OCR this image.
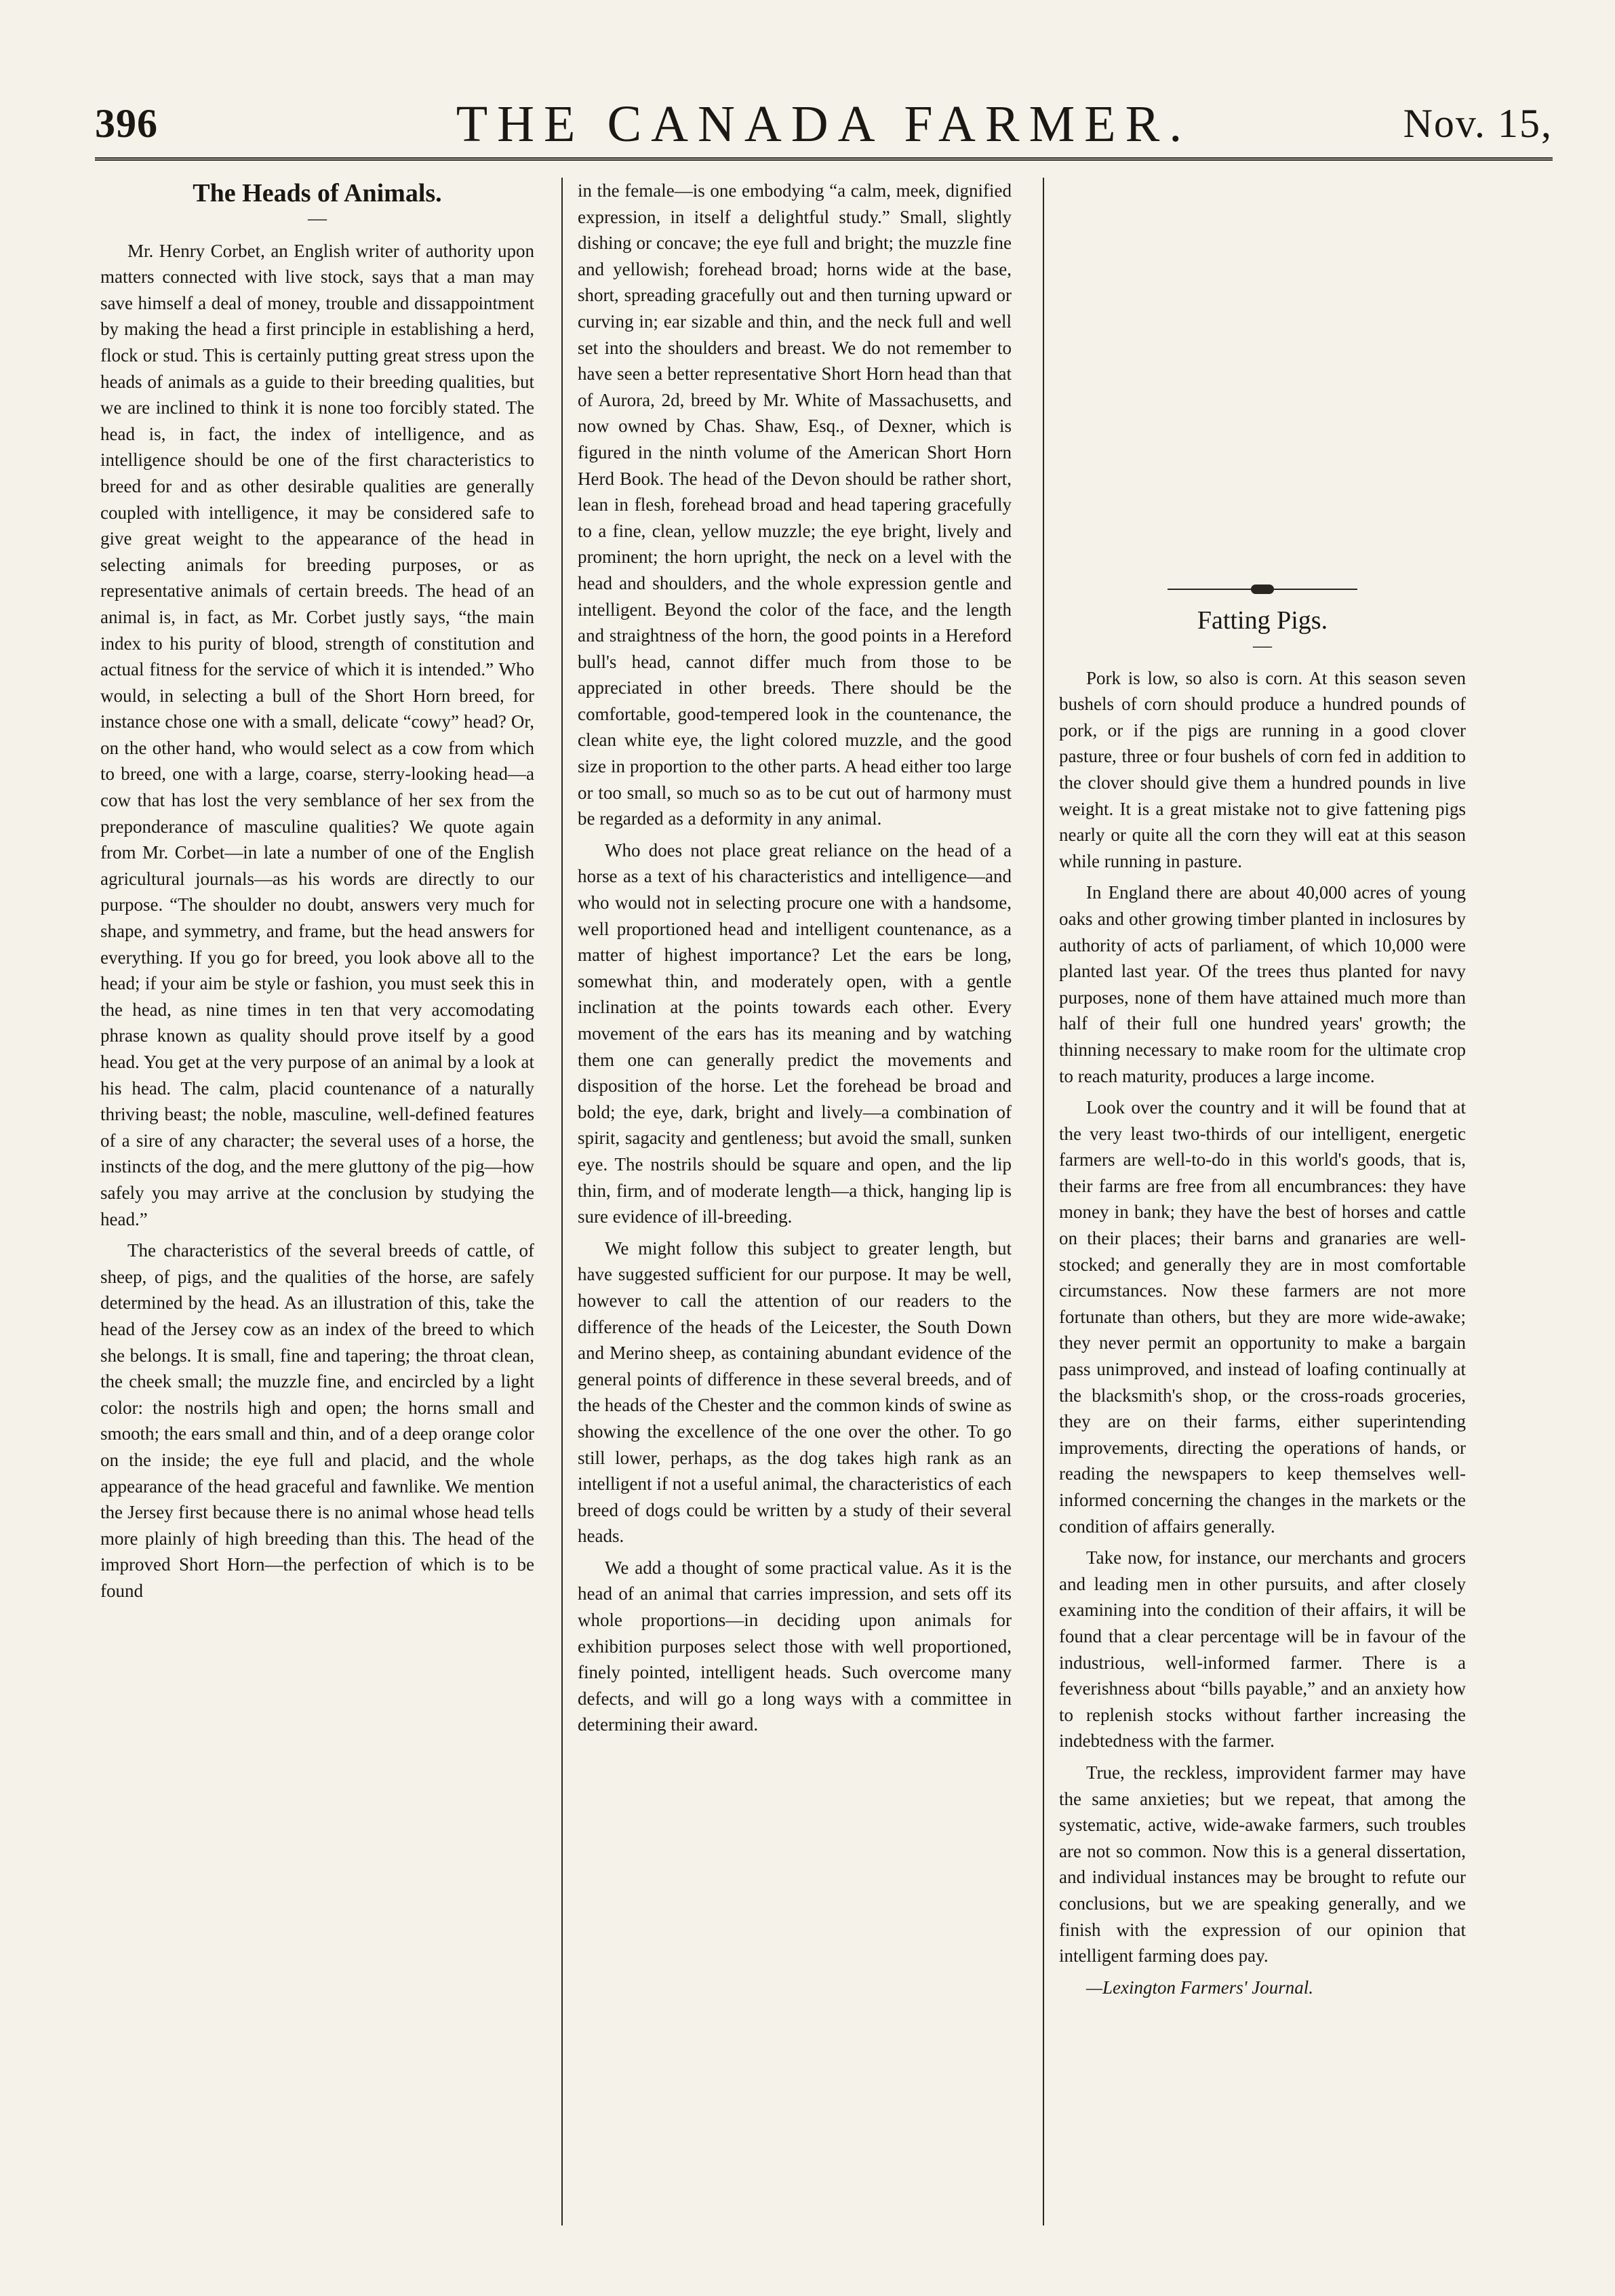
396	THE CANADA FARMER.	Nov. 15,
The Heads of Animals.
—

Mr. Henry Corbet, an English writer of authority upon matters connected with live stock, says that a man may save himself a deal of money, trouble and dissappointment by making the head a first principle in establishing a herd, flock or stud. This is certainly putting great stress upon the heads of animals as a guide to their breeding qualities, but we are inclined to think it is none too forcibly stated. The head is, in fact, the index of intelligence, and as intelligence should be one of the first characteristics to breed for and as other desirable qualities are generally coupled with intelligence, it may be considered safe to give great weight to the appearance of the head in selecting animals for breeding purposes, or as representative animals of certain breeds. The head of an animal is, in fact, as Mr. Corbet justly says, “the main index to his purity of blood, strength of constitution and actual fitness for the service of which it is intended.” Who would, in selecting a bull of the Short Horn breed, for instance chose one with a small, delicate “cowy” head? Or, on the other hand, who would select as a cow from which to breed, one with a large, coarse, sterry-looking head—a cow that has lost the very semblance of her sex from the preponderance of masculine qualities? We quote again from Mr. Corbet—in late a number of one of the English agricultural journals—as his words are directly to our purpose. “The shoulder no doubt, answers very much for shape, and symmetry, and frame, but the head answers for everything. If you go for breed, you look above all to the head; if your aim be style or fashion, you must seek this in the head, as nine times in ten that very accomodating phrase known as quality should prove itself by a good head. You get at the very purpose of an animal by a look at his head. The calm, placid countenance of a naturally thriving beast; the noble, masculine, well-defined features of a sire of any character; the several uses of a horse, the instincts of the dog, and the mere gluttony of the pig—how safely you may arrive at the conclusion by studying the head.”

The characteristics of the several breeds of cattle, of sheep, of pigs, and the qualities of the horse, are safely determined by the head. As an illustration of this, take the head of the Jersey cow as an index of the breed to which she belongs. It is small, fine and tapering; the throat clean, the cheek small; the muzzle fine, and encircled by a light color: the nostrils high and open; the horns small and smooth; the ears small and thin, and of a deep orange color on the inside; the eye full and placid, and the whole appearance of the head graceful and fawnlike. We mention the Jersey first because there is no animal whose head tells more plainly of high breeding than this. The head of the improved Short Horn—the perfection of which is to be found

in the female—is one embodying “a calm, meek, dignified expression, in itself a delightful study.” Small, slightly dishing or concave; the eye full and bright; the muzzle fine and yellowish; forehead broad; horns wide at the base, short, spreading gracefully out and then turning upward or curving in; ear sizable and thin, and the neck full and well set into the shoulders and breast. We do not remember to have seen a better representative Short Horn head than that of Aurora, 2d, breed by Mr. White of Massachusetts, and now owned by Chas. Shaw, Esq., of Dexner, which is figured in the ninth volume of the American Short Horn Herd Book. The head of the Devon should be rather short, lean in flesh, forehead broad and head tapering gracefully to a fine, clean, yellow muzzle; the eye bright, lively and prominent; the horn upright, the neck on a level with the head and shoulders, and the whole expression gentle and intelligent. Beyond the color of the face, and the length and straightness of the horn, the good points in a Hereford bull's head, cannot differ much from those to be appreciated in other breeds. There should be the comfortable, good-tempered look in the countenance, the clean white eye, the light colored muzzle, and the good size in proportion to the other parts. A head either too large or too small, so much so as to be cut out of harmony must be regarded as a deformity in any animal.

Who does not place great reliance on the head of a horse as a text of his characteristics and intelligence—and who would not in selecting procure one with a handsome, well proportioned head and intelligent countenance, as a matter of highest importance? Let the ears be long, somewhat thin, and moderately open, with a gentle inclination at the points towards each other. Every movement of the ears has its meaning and by watching them one can generally predict the movements and disposition of the horse. Let the forehead be broad and bold; the eye, dark, bright and lively—a combination of spirit, sagacity and gentleness; but avoid the small, sunken eye. The nostrils should be square and open, and the lip thin, firm, and of moderate length—a thick, hanging lip is sure evidence of ill-breeding.

We might follow this subject to greater length, but have suggested sufficient for our purpose. It may be well, however to call the attention of our readers to the difference of the heads of the Leicester, the South Down and Merino sheep, as containing abundant evidence of the general points of difference in these several breeds, and of the heads of the Chester and the common kinds of swine as showing the excellence of the one over the other. To go still lower, perhaps, as the dog takes high rank as an intelligent if not a useful animal, the characteristics of each breed of dogs could be written by a study of their several heads.

We add a thought of some practical value. As it is the head of an animal that carries impression, and sets off its whole proportions—in deciding upon animals for exhibition purposes select those with well proportioned, finely pointed, intelligent heads. Such overcome many defects, and will go a long ways with a committee in determining their award.

Fatting Pigs.
—

Pork is low, so also is corn. At this season seven bushels of corn should produce a hundred pounds of pork, or if the pigs are running in a good clover pasture, three or four bushels of corn fed in addition to the clover should give them a hundred pounds in live weight. It is a great mistake not to give fattening pigs nearly or quite all the corn they will eat at this season while running in pasture.

In England there are about 40,000 acres of young oaks and other growing timber planted in inclosures by authority of acts of parliament, of which 10,000 were planted last year. Of the trees thus planted for navy purposes, none of them have attained much more than half of their full one hundred years' growth; the thinning necessary to make room for the ultimate crop to reach maturity, produces a large income.

Look over the country and it will be found that at the very least two-thirds of our intelligent, energetic farmers are well-to-do in this world's goods, that is, their farms are free from all encumbrances: they have money in bank; they have the best of horses and cattle on their places; their barns and granaries are well-stocked; and generally they are in most comfortable circumstances. Now these farmers are not more fortunate than others, but they are more wide-awake; they never permit an opportunity to make a bargain pass unimproved, and instead of loafing continually at the blacksmith's shop, or the cross-roads groceries, they are on their farms, either superintending improvements, directing the operations of hands, or reading the newspapers to keep themselves well-informed concerning the changes in the markets or the condition of affairs generally.

Take now, for instance, our merchants and grocers and leading men in other pursuits, and after closely examining into the condition of their affairs, it will be found that a clear percentage will be in favour of the industrious, well-informed farmer. There is a feverishness about “bills payable,” and an anxiety how to replenish stocks without farther increasing the indebtedness with the farmer.

True, the reckless, improvident farmer may have the same anxieties; but we repeat, that among the systematic, active, wide-awake farmers, such troubles are not so common. Now this is a general dissertation, and individual instances may be brought to refute our conclusions, but we are speaking generally, and we finish with the expression of our opinion that intelligent farming does pay.

—Lexington Farmers' Journal.
